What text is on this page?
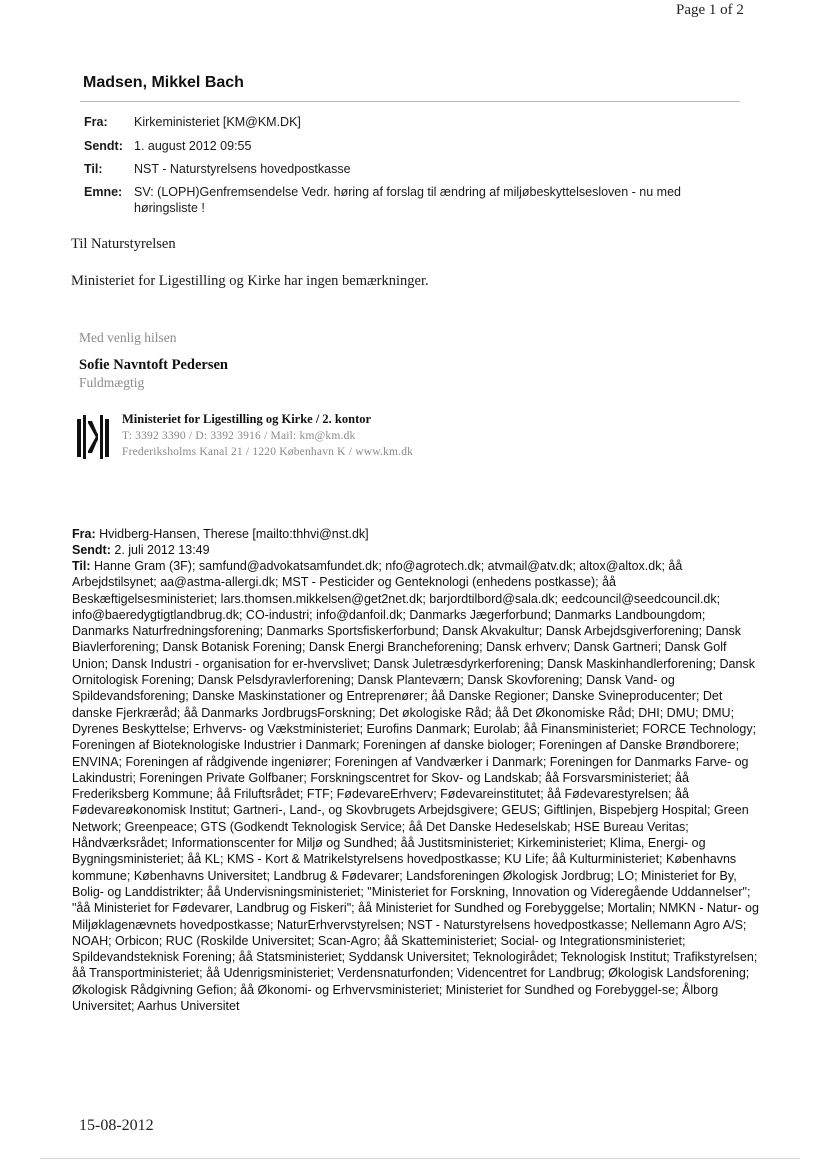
Page 1 of 2
Madsen, Mikkel Bach
Fra: Kirkeministeriet [KM@KM.DK]
Sendt: 1. august 2012 09:55
Til:	NST - Naturstyrelsens hovedpostkasse
Emne: SV: (LOPH)Genfremsendelse Vedr. høring af forslag til ændring af miljøbeskyttelsesloven - nu med høringsliste !
Til Naturstyrelsen
Ministeriet for Ligestilling og Kirke har ingen bemærkninger.
Med venlig hilsen
Sofie Navntoft Pedersen
Fuldmægtig
Ministeriet for Ligestilling og Kirke / 2. kontor
T: 3392 3390 / D: 3392 3916 / Mail: km@km.dk
Frederiksholms Kanal 21 / 1220 København K / www.km.dk
Fra: Hvidberg-Hansen, Therese [mailto:thhvi@nst.dk]
Sendt: 2. juli 2012 13:49
Til: Hanne Gram (3F); samfund@advokatsamfundet.dk; nfo@agrotech.dk; atvmail@atv.dk; altox@altox.dk; åå Arbejdstilsynet; aa@astma-allergi.dk; MST - Pesticider og Genteknologi (enhedens postkasse); åå Beskæftigelsesministeriet; lars.thomsen.mikkelsen@get2net.dk; barjordtilbord@sala.dk; eedcouncil@seedcouncil.dk; info@baeredygtigtlandbrug.dk; CO-industri; info@danfoil.dk; Danmarks Jægerforbund; Danmarks Landboungdom; Danmarks Naturfredningsforening; Danmarks Sportsfiskerforbund; Dansk Akvakultur; Dansk Arbejdsgiverforening; Dansk Biavlerforening; Dansk Botanisk Forening; Dansk Energi Brancheforening; Dansk erhverv; Dansk Gartneri; Dansk Golf Union; Dansk Industri - organisation for er-hvervslivet; Dansk Juletræsdyrkerforening; Dansk Maskinhandlerforening; Dansk Ornitologisk Forening; Dansk Pelsdyravlerforening; Dansk Planteværn; Dansk Skovforening; Dansk Vand- og Spildevandsforening; Danske Maskinstationer og Entreprenører; åå Danske Regioner; Danske Svineproducenter; Det danske Fjerkræråd; åå Danmarks JordbrugsForskning; Det økologiske Råd; åå Det Økonomiske Råd; DHI; DMU; DMU; Dyrenes Beskyttelse; Erhvervs- og Vækstministeriet; Eurofins Danmark; Eurolab; åå Finansministeriet; FORCE Technology; Foreningen af Bioteknologiske Industrier i Danmark; Foreningen af danske biologer; Foreningen af Danske Brøndborere; ENVINA; Foreningen af rådgivende ingeniører; Foreningen af Vandværker i Danmark; Foreningen for Danmarks Farve- og Lakindustri; Foreningen Private Golfbaner; Forskningscentret for Skov- og Landskab; åå Forsvarsministeriet; åå Frederiksberg Kommune; åå Friluftsrådet; FTF; FødevareErhverv; Fødevareinstitutet; åå Fødevarestyrelsen; åå Fødevareøkonomisk Institut; Gartneri-, Land-, og Skovbrugets Arbejdsgivere; GEUS; Giftlinjen, Bispebjerg Hospital; Green Network; Greenpeace; GTS (Godkendt Teknologisk Service; åå Det Danske Hedeselskab; HSE Bureau Veritas; Håndværksrådet; Informationscenter for Miljø og Sundhed; åå Justitsministeriet; Kirkeministeriet; Klima, Energi- og Bygningsministeriet; åå KL; KMS - Kort & Matrikelstyrelsens hovedpostkasse; KU Life; åå Kulturministeriet; Københavns kommune; Københavns Universitet; Landbrug & Fødevarer; Landsforeningen Økologisk Jordbrug; LO; Ministeriet for By, Bolig- og Landdistrikter; åå Undervisningsministeriet; "Ministeriet for Forskning, Innovation og Videregående Uddannelser"; "åå Ministeriet for Fødevarer, Landbrug og Fiskeri"; åå Ministeriet for Sundhed og Forebyggelse; Mortalin; NMKN - Natur- og Miljøklagenævnets hovedpostkasse; NaturErhvervstyrelsen; NST - Naturstyrelsens hovedpostkasse; Nellemann Agro A/S; NOAH; Orbicon; RUC (Roskilde Universitet; Scan-Agro; åå Skatteministeriet; Social- og Integrationsministeriet; Spildevandsteknisk Forening; åå Statsministeriet; Syddansk Universitet; Teknologirådet; Teknologisk Institut; Trafikstyrelsen; åå Transportministeriet; åå Udenrigsministeriet; Verdensnaturfonden; Videncentret for Landbrug; Økologisk Landsforening; Økologisk Rådgivning Gefion; åå Økonomi- og Erhvervsministeriet; Ministeriet for Sundhed og Forebyggel-se; Ålborg Universitet; Aarhus Universitet
15-08-2012
